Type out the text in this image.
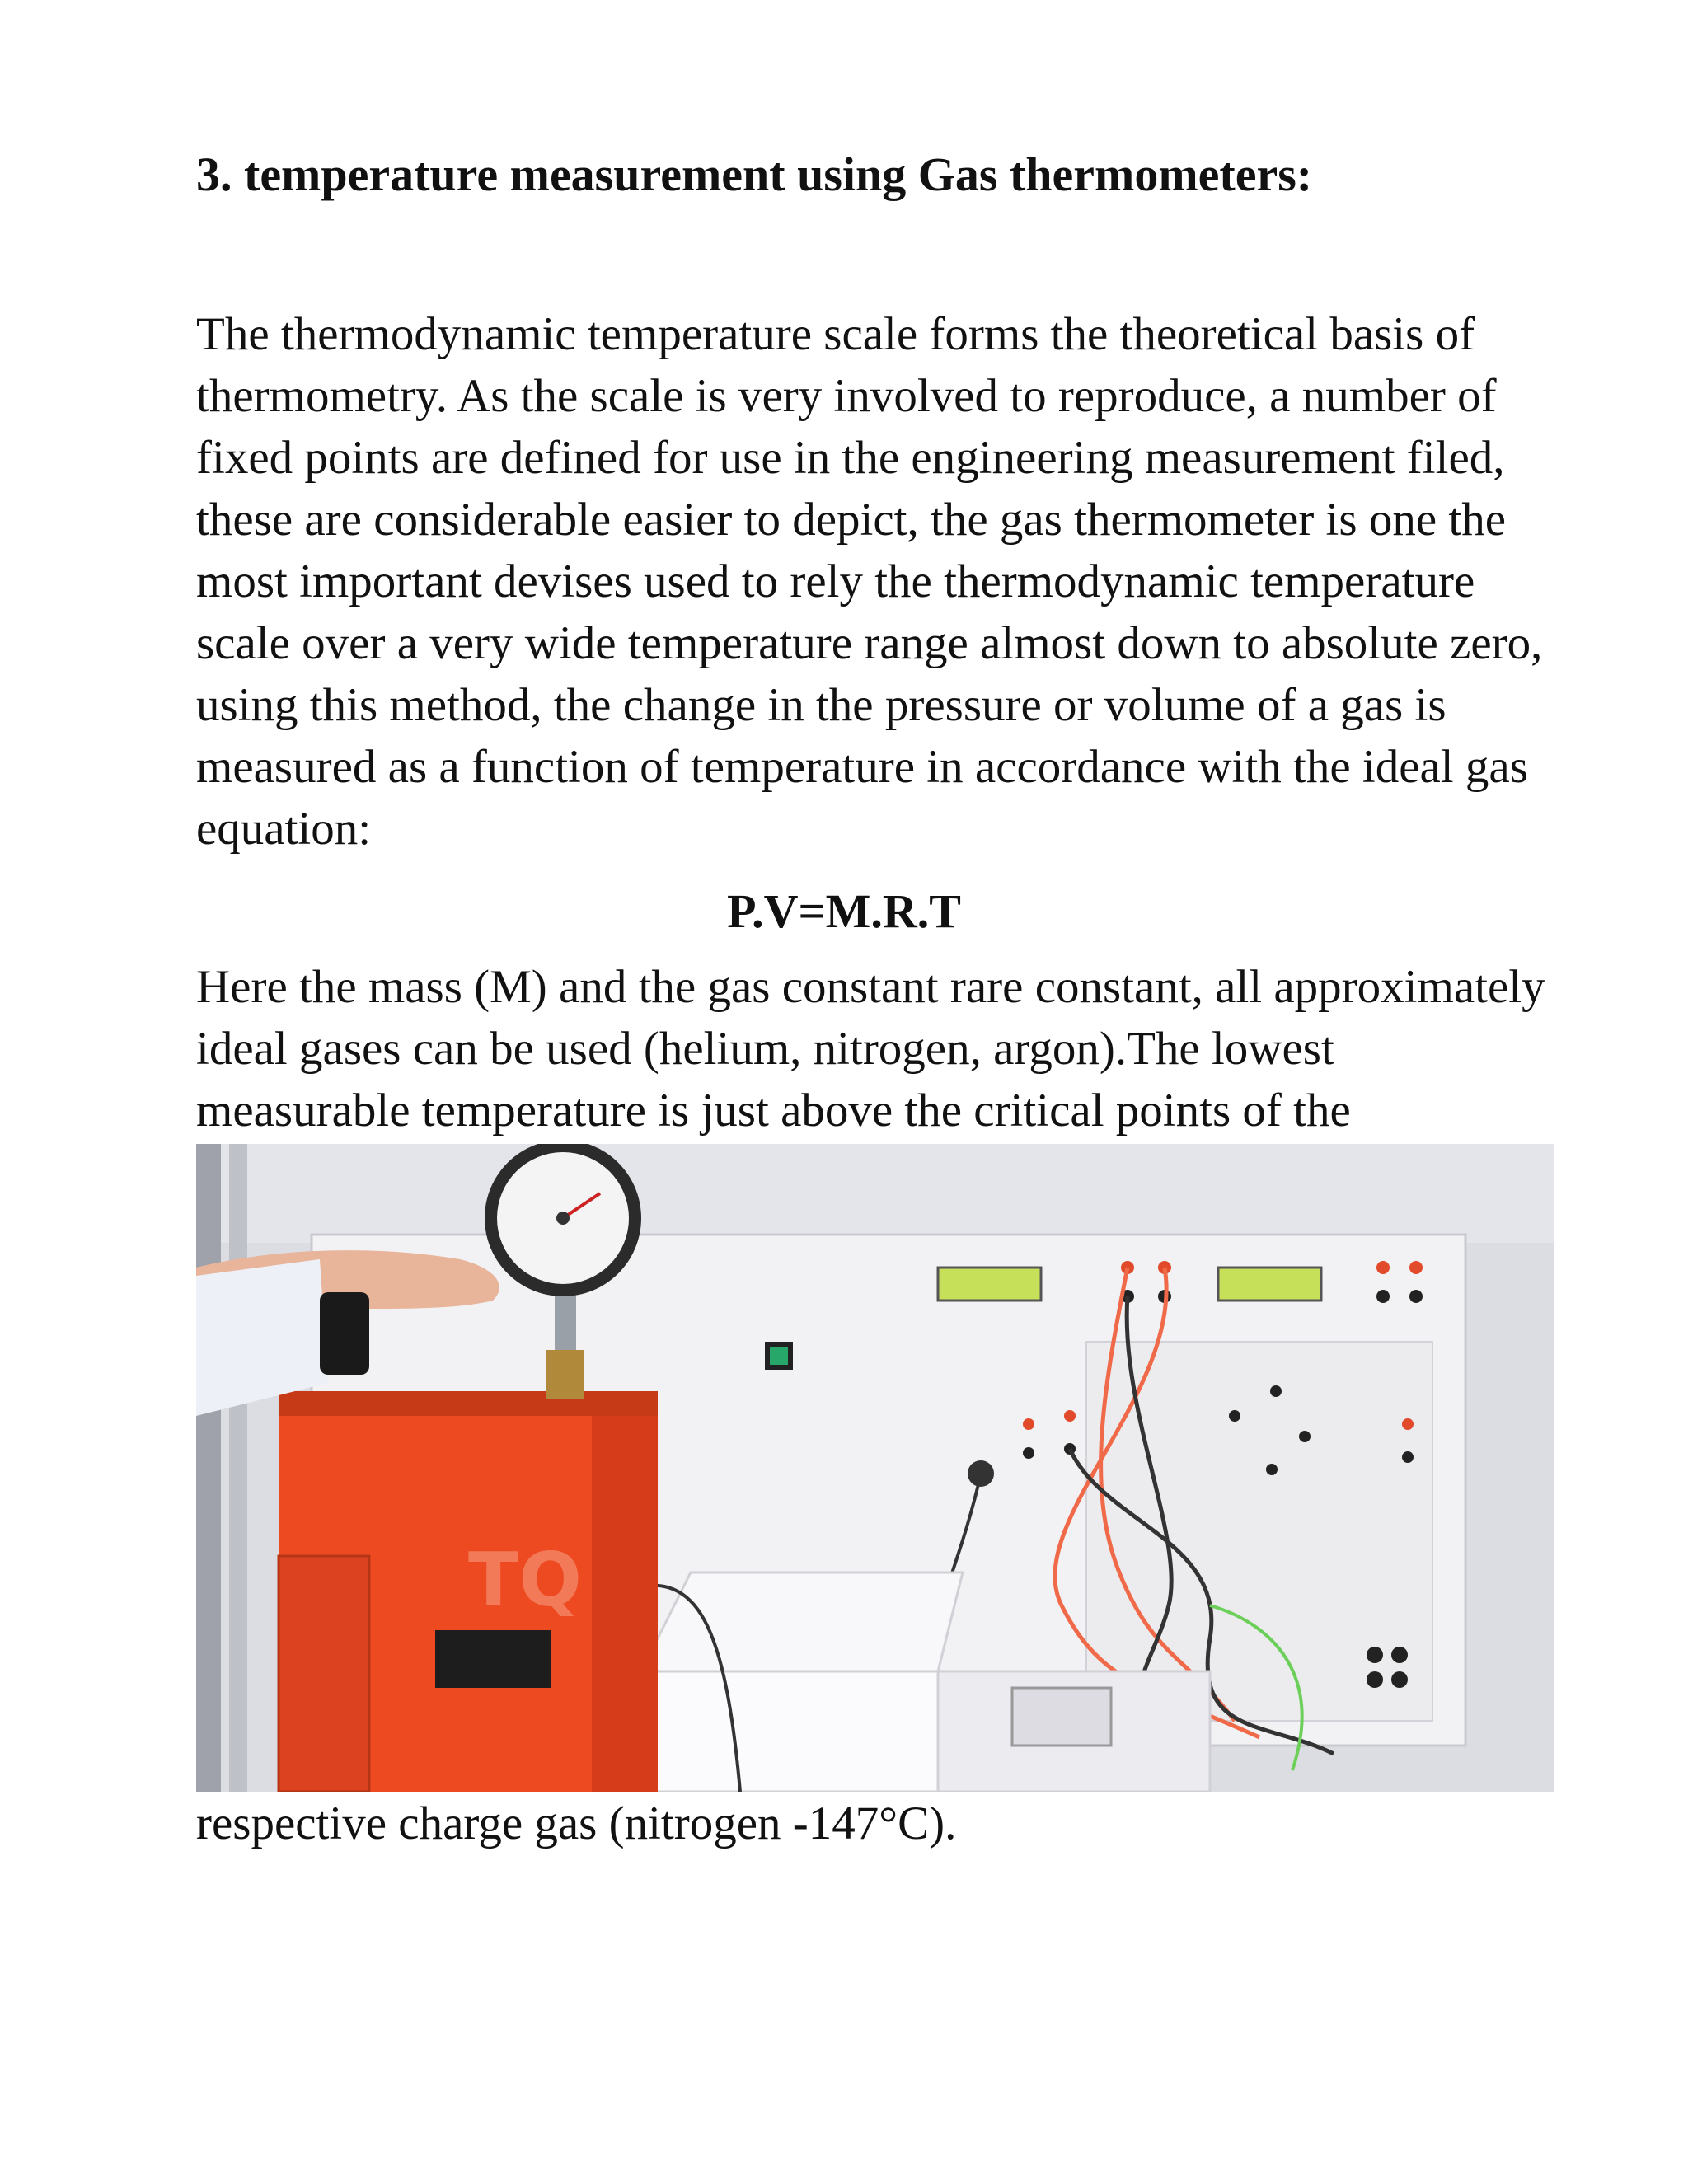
3. temperature measurement using Gas thermometers:

The thermodynamic temperature scale forms the theoretical basis of thermometry. As the scale is very involved to reproduce, a number of fixed points are defined for use in the engineering measurement filed, these are considerable easier to depict, the gas thermometer is one the most important devises used to rely the thermodynamic temperature scale over a very wide temperature range almost down to absolute zero, using this method, the change in the pressure or volume of a gas is measured as a function of temperature in accordance with the ideal gas equation:

P.V=M.R.T

Here the mass (M) and the gas constant rare constant, all approximately ideal gases can be used (helium, nitrogen, argon).The lowest measurable temperature is just above the critical points of the

TQ

respective charge gas (nitrogen -147°C).
